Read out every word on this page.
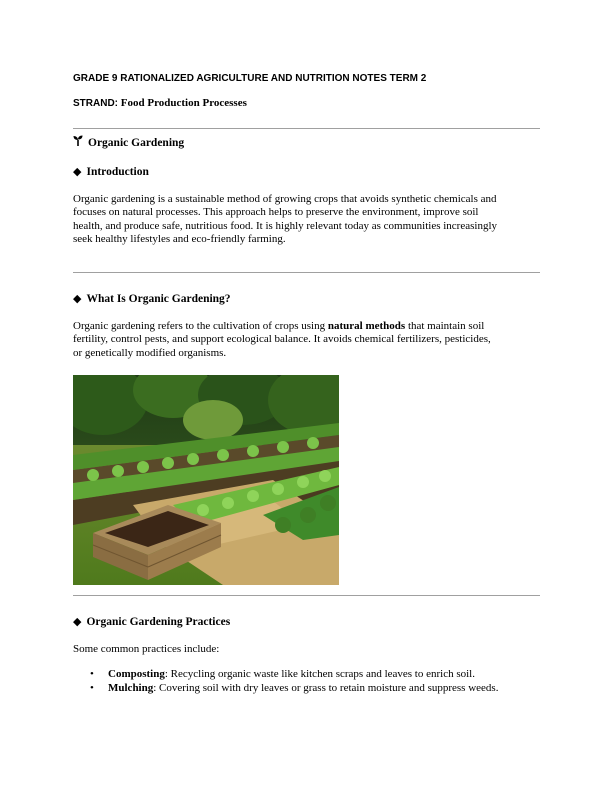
GRADE 9 RATIONALIZED AGRICULTURE AND NUTRITION NOTES TERM 2
STRAND: Food Production Processes
Organic Gardening
◆ Introduction
Organic gardening is a sustainable method of growing crops that avoids synthetic chemicals and
focuses on natural processes. This approach helps to preserve the environment, improve soil
health, and produce safe, nutritious food. It is highly relevant today as communities increasingly
seek healthy lifestyles and eco-friendly farming.
◆ What Is Organic Gardening?
Organic gardening refers to the cultivation of crops using natural methods that maintain soil
fertility, control pests, and support ecological balance. It avoids chemical fertilizers, pesticides,
or genetically modified organisms.
◆ Organic Gardening Practices
Some common practices include:
• Composting: Recycling organic waste like kitchen scraps and leaves to enrich soil.
• Mulching: Covering soil with dry leaves or grass to retain moisture and suppress weeds.
